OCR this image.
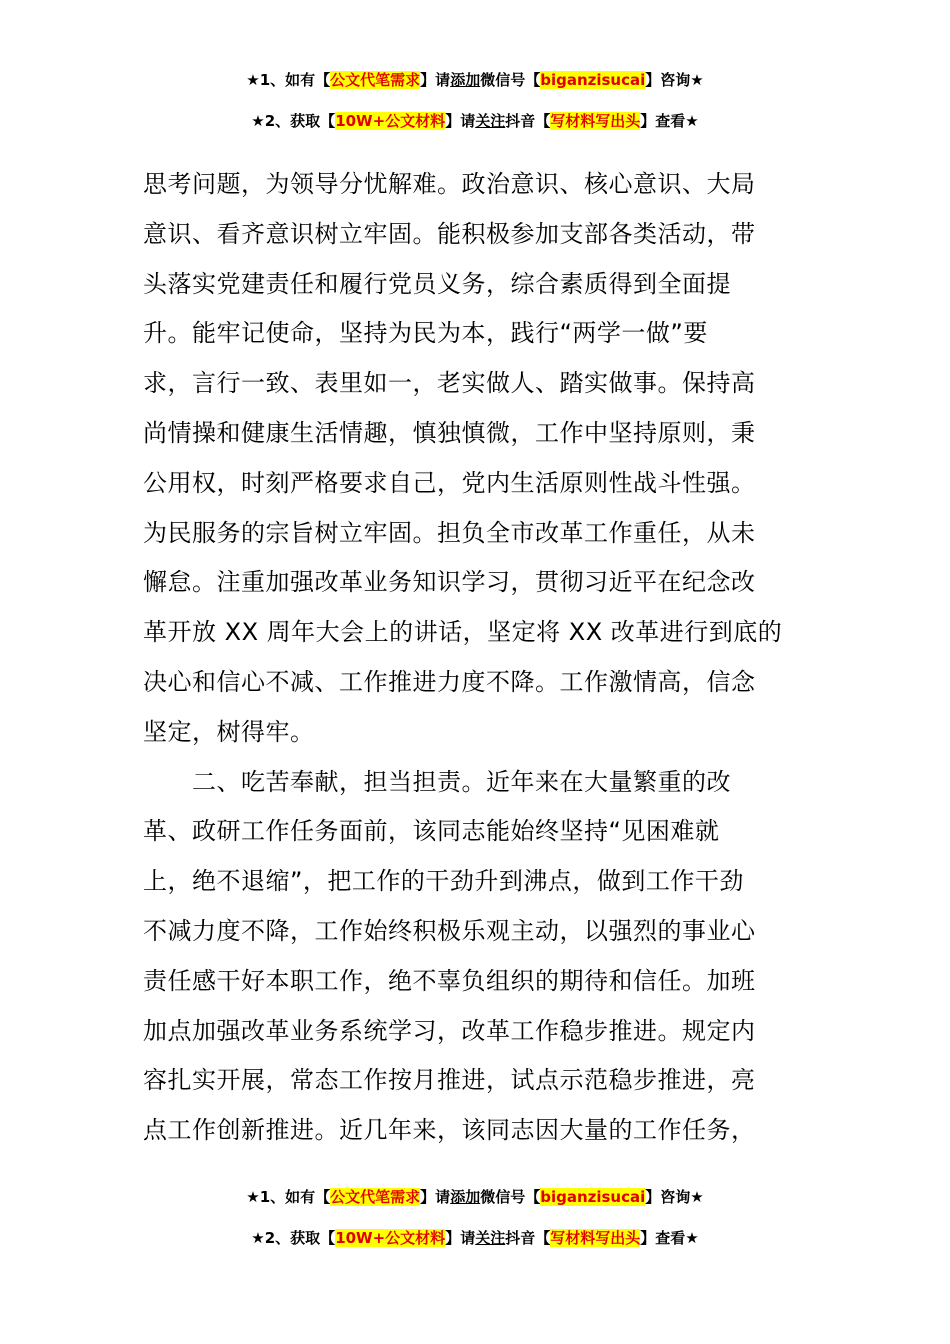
★1、如有【公文代笔需求】请添加微信号【biganzisucai】咨询★
★2、获取【10W+公文材料】请关注抖音【写材料写出头】查看★
思考问题，为领导分忧解难。政治意识、核心意识、大局
意识、看齐意识树立牢固。能积极参加支部各类活动，带
头落实党建责任和履行党员义务，综合素质得到全面提
升。能牢记使命，坚持为民为本，践行“两学一做”要
求，言行一致、表里如一，老实做人、踏实做事。保持高
尚情操和健康生活情趣，慎独慎微，工作中坚持原则，秉
公用权，时刻严格要求自己，党内生活原则性战斗性强。
为民服务的宗旨树立牢固。担负全市改革工作重任，从未
懈怠。注重加强改革业务知识学习，贯彻习近平在纪念改
革开放 XX 周年大会上的讲话，坚定将 XX 改革进行到底的
决心和信心不减、工作推进力度不降。工作激情高，信念
坚定，树得牢。
　　二、吃苦奉献，担当担责。近年来在大量繁重的改
革、政研工作任务面前，该同志能始终坚持“见困难就
上，绝不退缩”，把工作的干劲升到沸点，做到工作干劲
不减力度不降，工作始终积极乐观主动，以强烈的事业心
责任感干好本职工作，绝不辜负组织的期待和信任。加班
加点加强改革业务系统学习，改革工作稳步推进。规定内
容扎实开展，常态工作按月推进，试点示范稳步推进，亮
点工作创新推进。近几年来，该同志因大量的工作任务，
★1、如有【公文代笔需求】请添加微信号【biganzisucai】咨询★
★2、获取【10W+公文材料】请关注抖音【写材料写出头】查看★
